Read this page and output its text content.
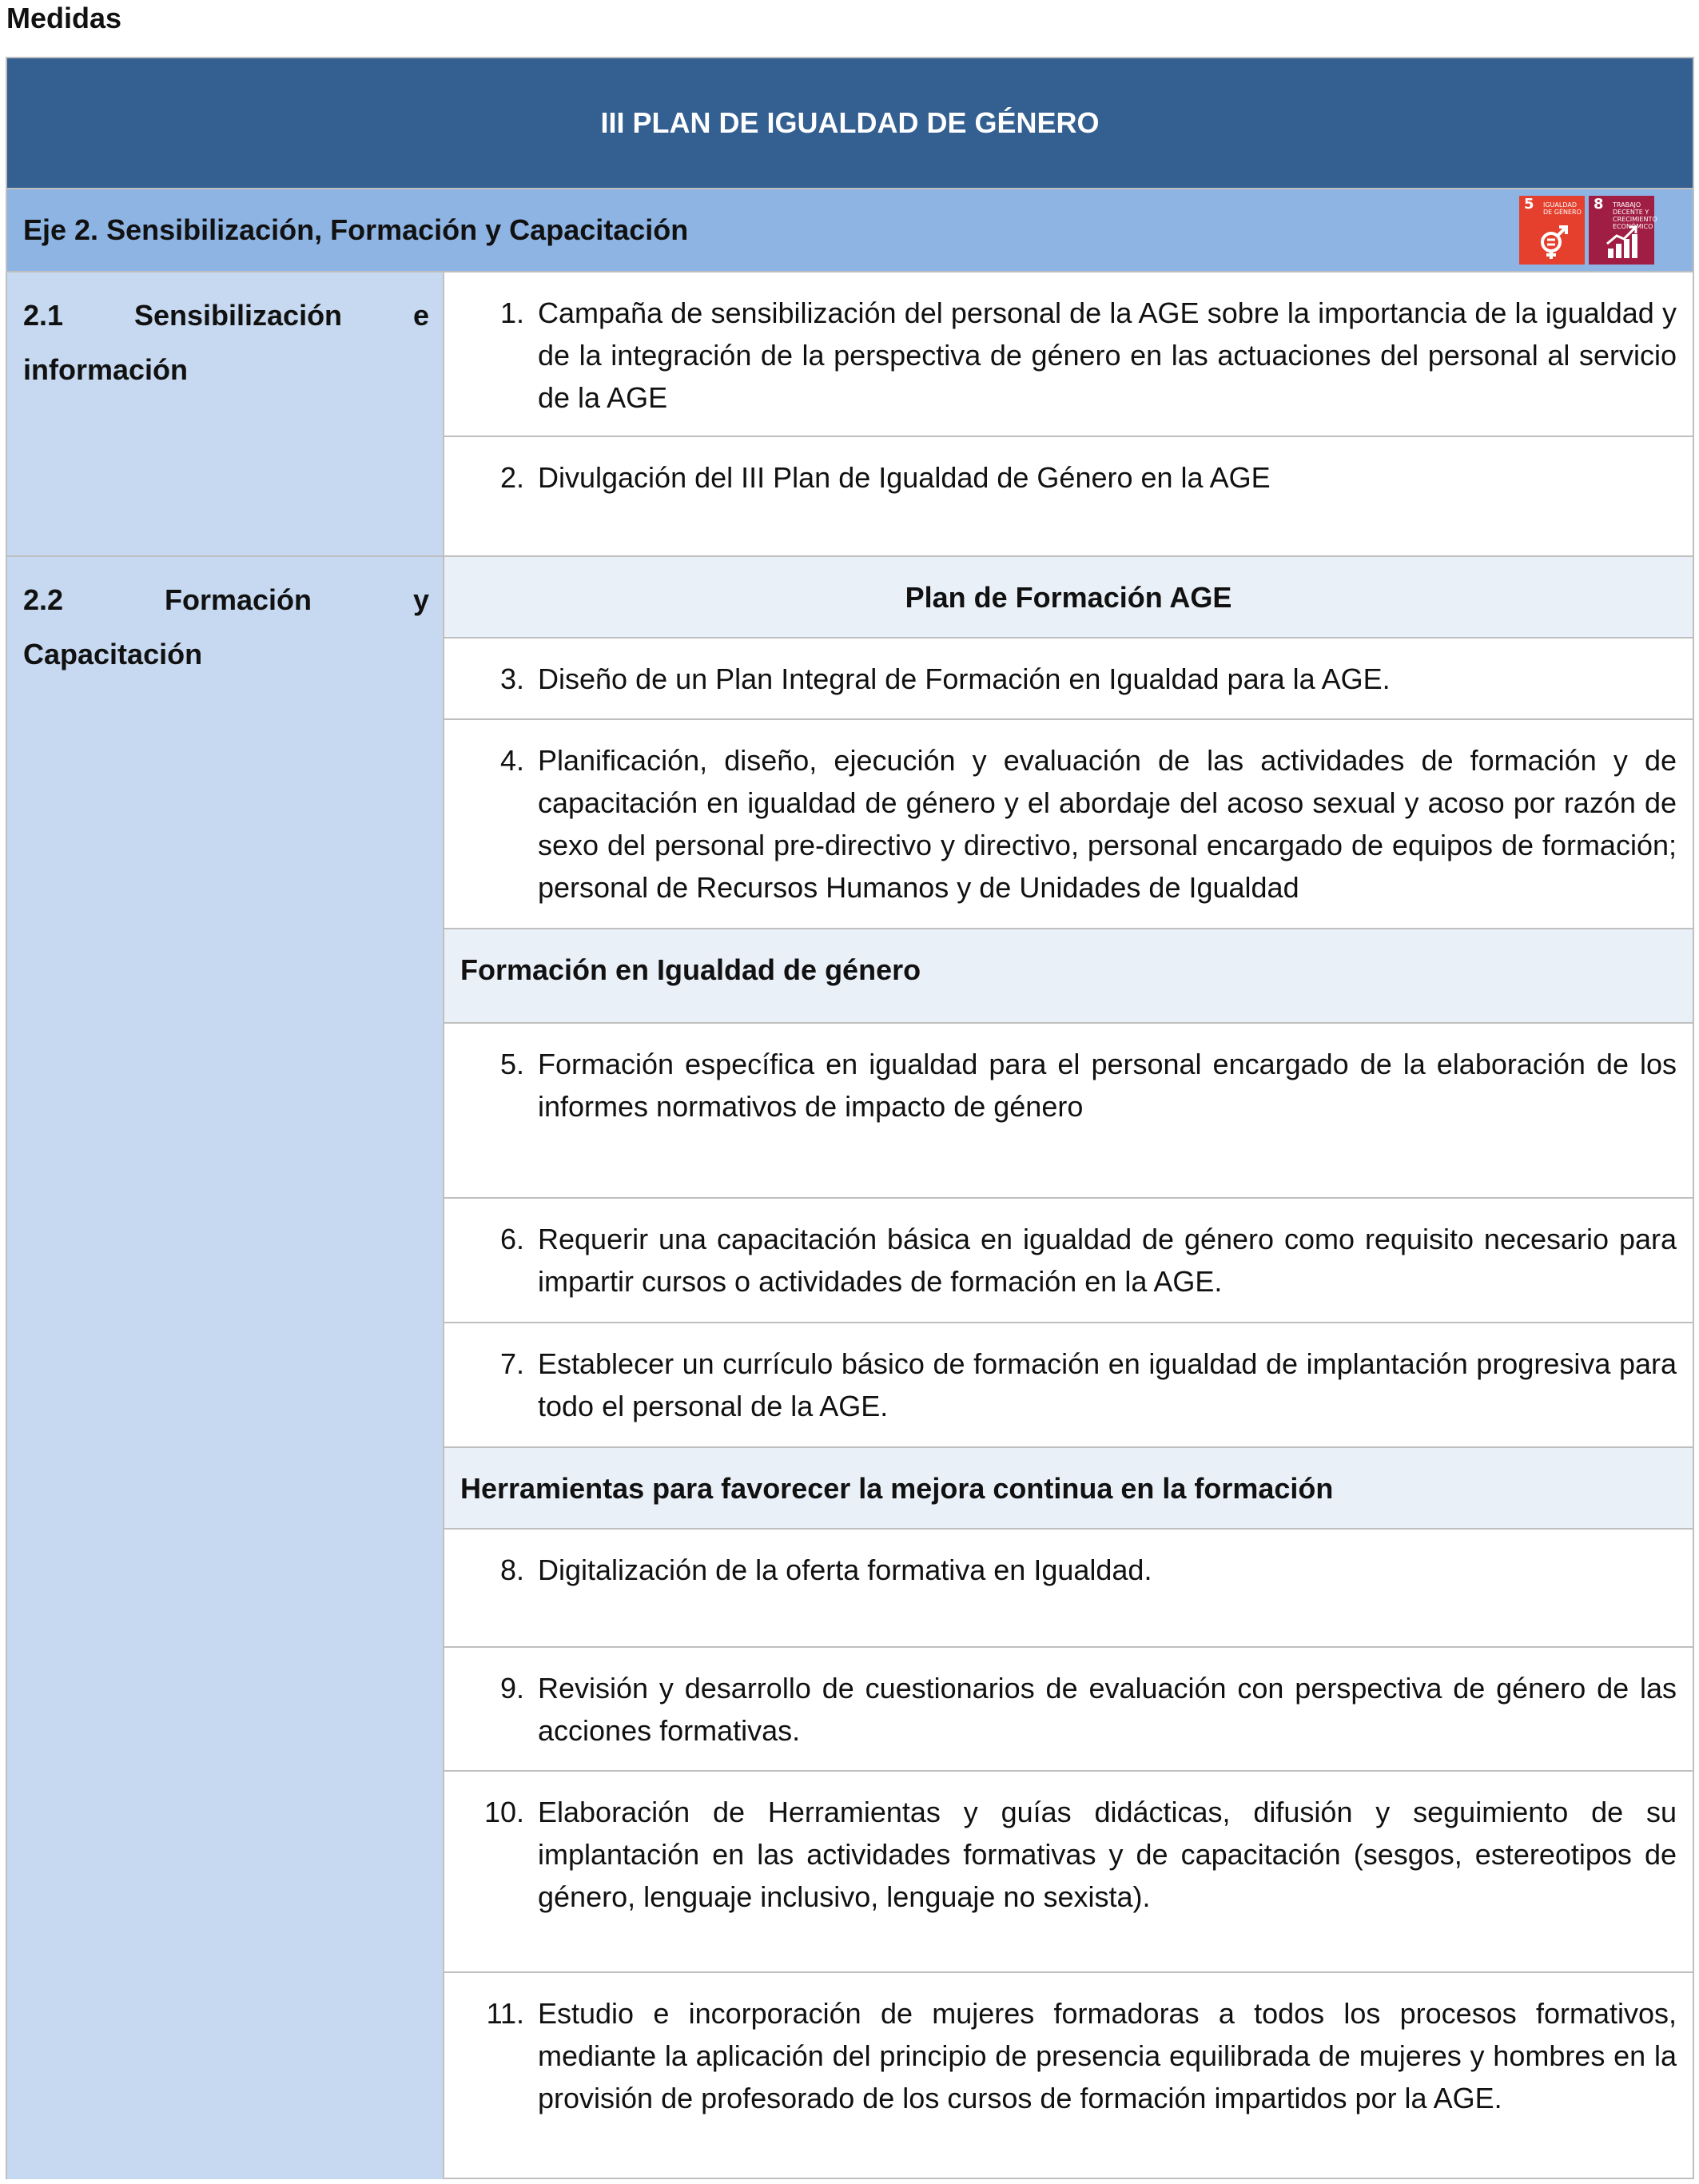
Medidas
III PLAN DE IGUALDAD DE GÉNERO
Eje 2. Sensibilización, Formación y Capacitación
5 IGUALDAD DE GÉNERO 8 TRABAJO DECENTE Y CRECIMIENTO ECONÓMICO
2.1 Sensibilización e información
1. Campaña de sensibilización del personal de la AGE sobre la importancia de la igualdad y de la integración de la perspectiva de género en las actuaciones del personal al servicio de la AGE
2. Divulgación del III Plan de Igualdad de Género en la AGE
2.2 Formación y Capacitación
Plan de Formación AGE
3. Diseño de un Plan Integral de Formación en Igualdad para la AGE.
4. Planificación, diseño, ejecución y evaluación de las actividades de formación y de capacitación en igualdad de género y el abordaje del acoso sexual y acoso por razón de sexo del personal pre-directivo y directivo, personal encargado de equipos de formación; personal de Recursos Humanos y de Unidades de Igualdad
Formación en Igualdad de género
5. Formación específica en igualdad para el personal encargado de la elaboración de los informes normativos de impacto de género
6. Requerir una capacitación básica en igualdad de género como requisito necesario para impartir cursos o actividades de formación en la AGE.
7. Establecer un currículo básico de formación en igualdad de implantación progresiva para todo el personal de la AGE.
Herramientas para favorecer la mejora continua en la formación
8. Digitalización de la oferta formativa en Igualdad.
9. Revisión y desarrollo de cuestionarios de evaluación con perspectiva de género de las acciones formativas.
10. Elaboración de Herramientas y guías didácticas, difusión y seguimiento de su implantación en las actividades formativas y de capacitación (sesgos, estereotipos de género, lenguaje inclusivo, lenguaje no sexista).
11. Estudio e incorporación de mujeres formadoras a todos los procesos formativos, mediante la aplicación del principio de presencia equilibrada de mujeres y hombres en la provisión de profesorado de los cursos de formación impartidos por la AGE.
